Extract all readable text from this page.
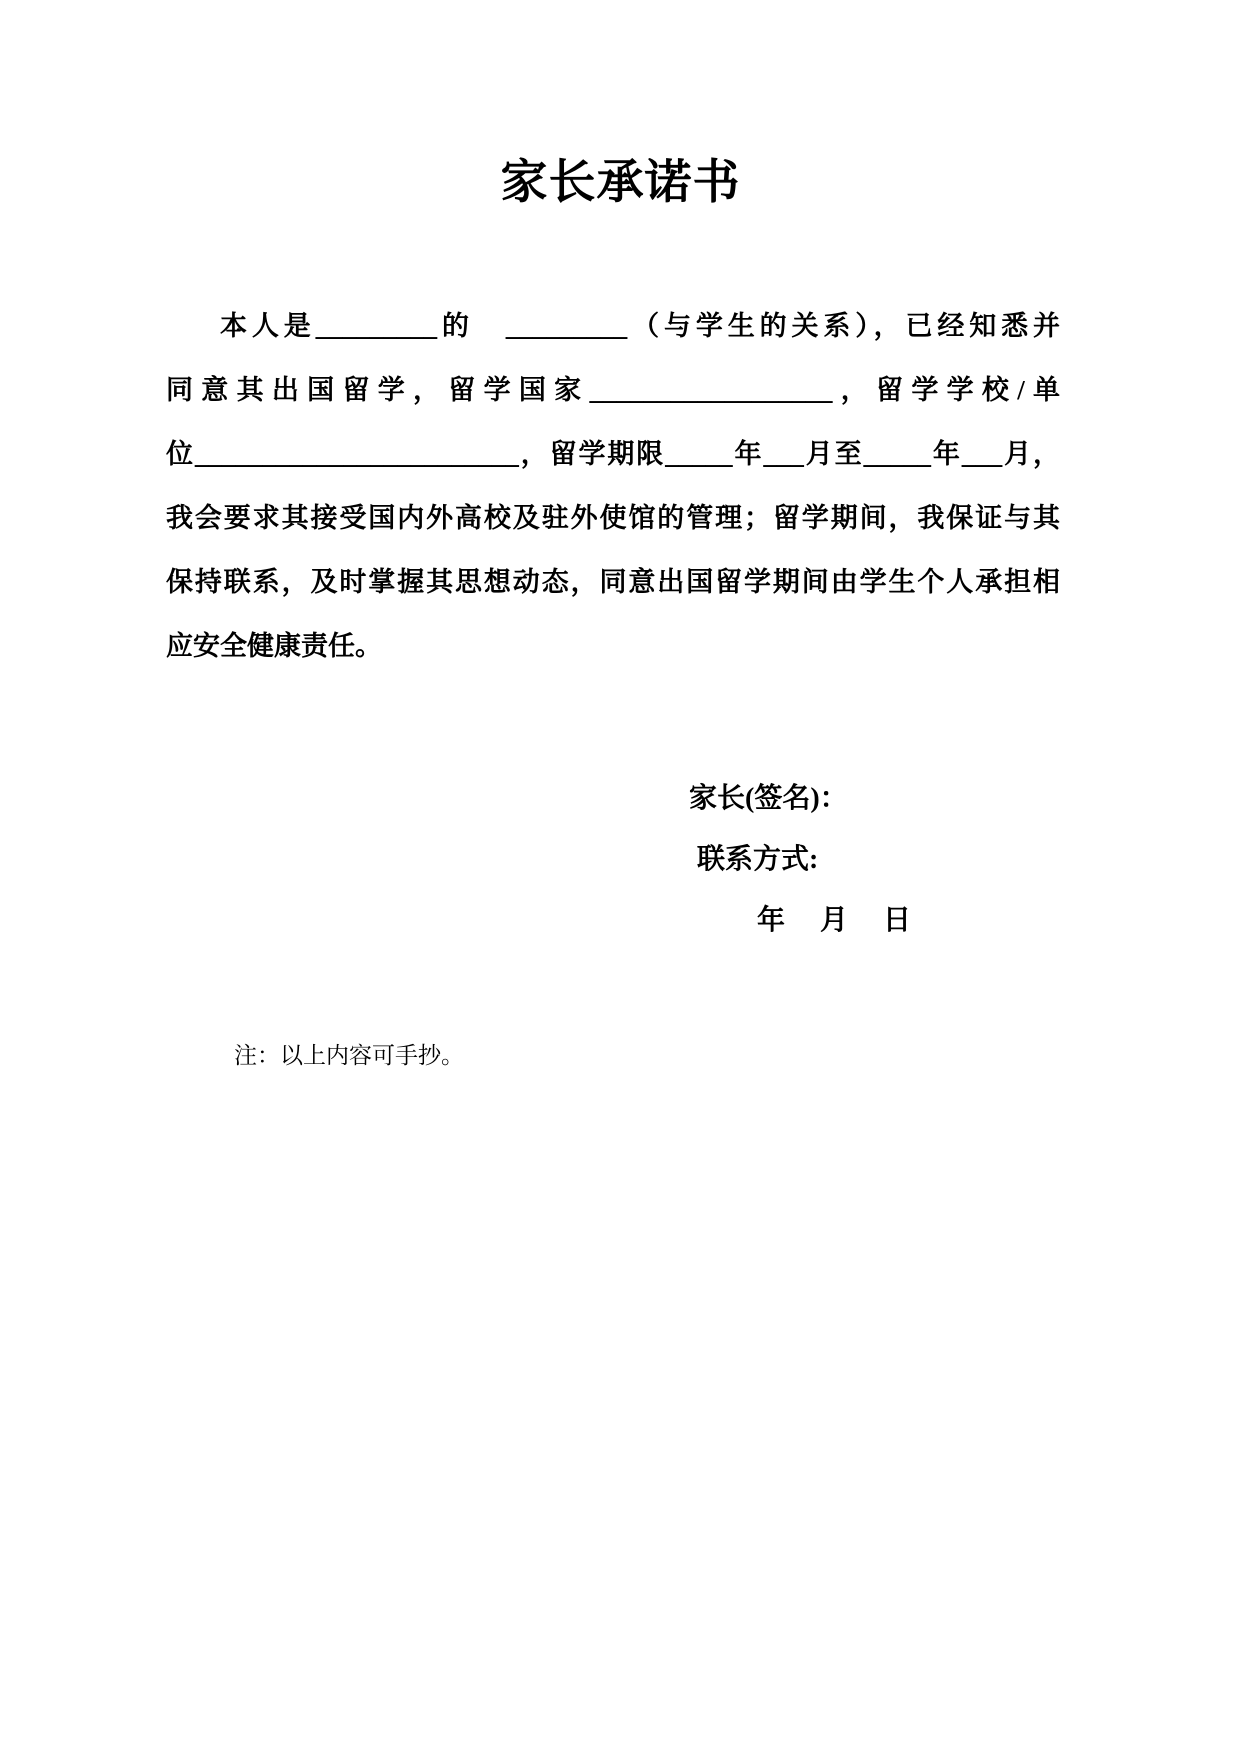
家长承诺书
本人是_________的　_________（与学生的关系），已经知悉并
同意其出国留学，留学国家__________________，留学学校/单
位________________________，留学期限_____年___月至_____年___月，
我会要求其接受国内外高校及驻外使馆的管理；留学期间，我保证与其
保持联系，及时掌握其思想动态，同意出国留学期间由学生个人承担相
应安全健康责任。
家长(签名)：
联系方式:
年　 月　 日
注：以上内容可手抄。
